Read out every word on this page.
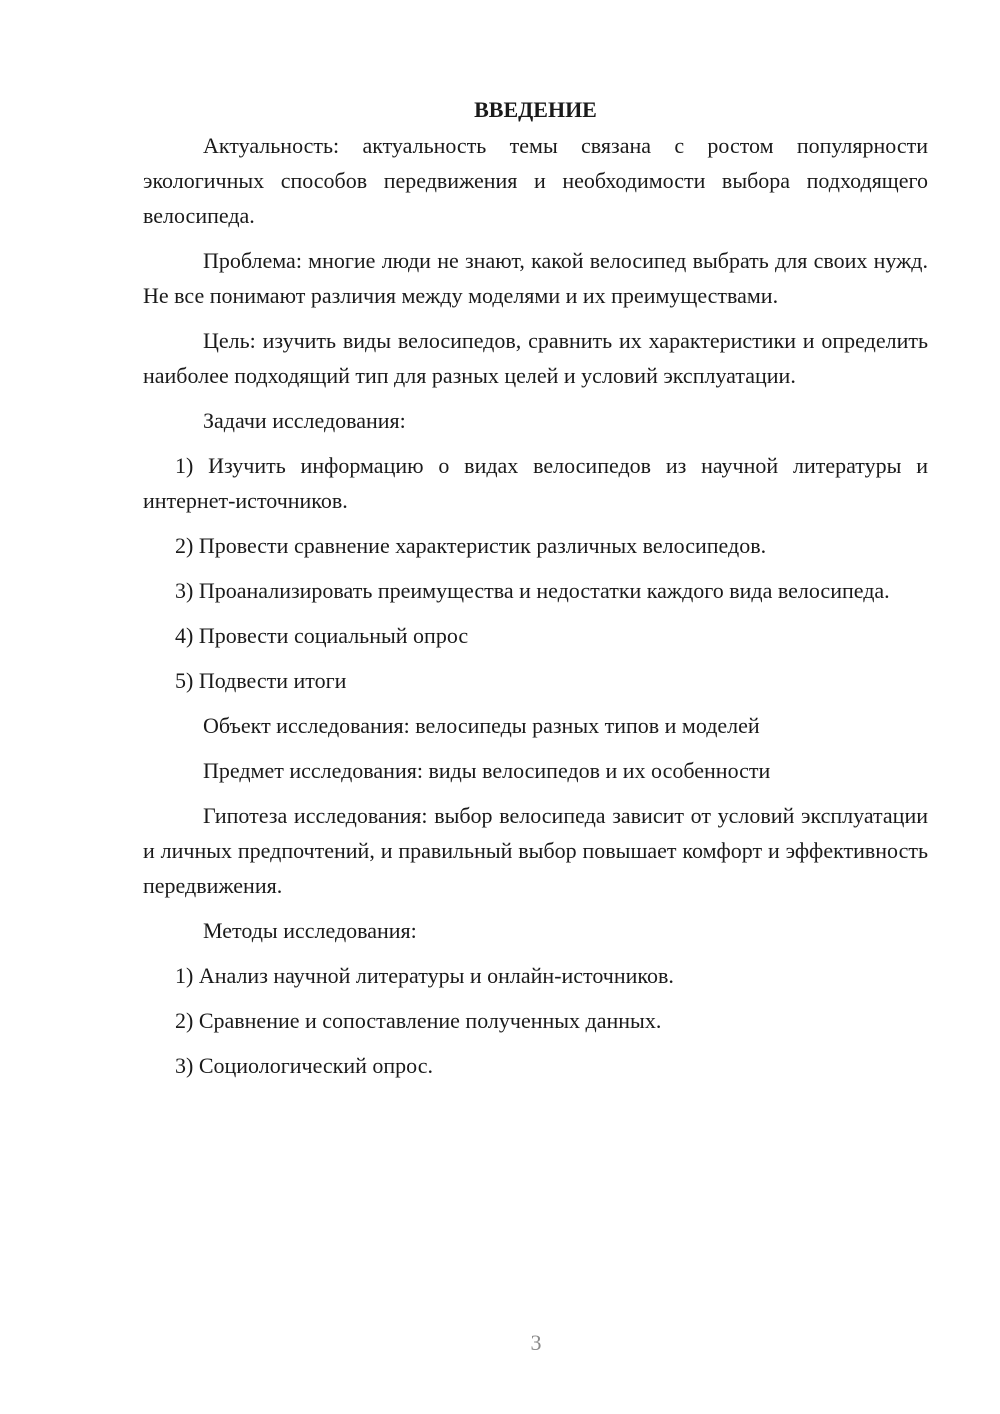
ВВЕДЕНИЕ

Актуальность: актуальность темы связана с ростом популярности экологичных способов передвижения и необходимости выбора подходящего велосипеда.

Проблема: многие люди не знают, какой велосипед выбрать для своих нужд. Не все понимают различия между моделями и их преимуществами.

Цель: изучить виды велосипедов, сравнить их характеристики и определить наиболее подходящий тип для разных целей и условий эксплуатации.

Задачи исследования:

1) Изучить информацию о видах велосипедов из научной литературы и интернет-источников.

2) Провести сравнение характеристик различных велосипедов.

3) Проанализировать преимущества и недостатки каждого вида велосипеда.

4) Провести социальный опрос

5) Подвести итоги

Объект исследования: велосипеды разных типов и моделей

Предмет исследования: виды велосипедов и их особенности

Гипотеза исследования: выбор велосипеда зависит от условий эксплуатации и личных предпочтений, и правильный выбор повышает комфорт и эффективность передвижения.

Методы исследования:

1) Анализ научной литературы и онлайн-источников.

2) Сравнение и сопоставление полученных данных.

3) Социологический опрос.

3
